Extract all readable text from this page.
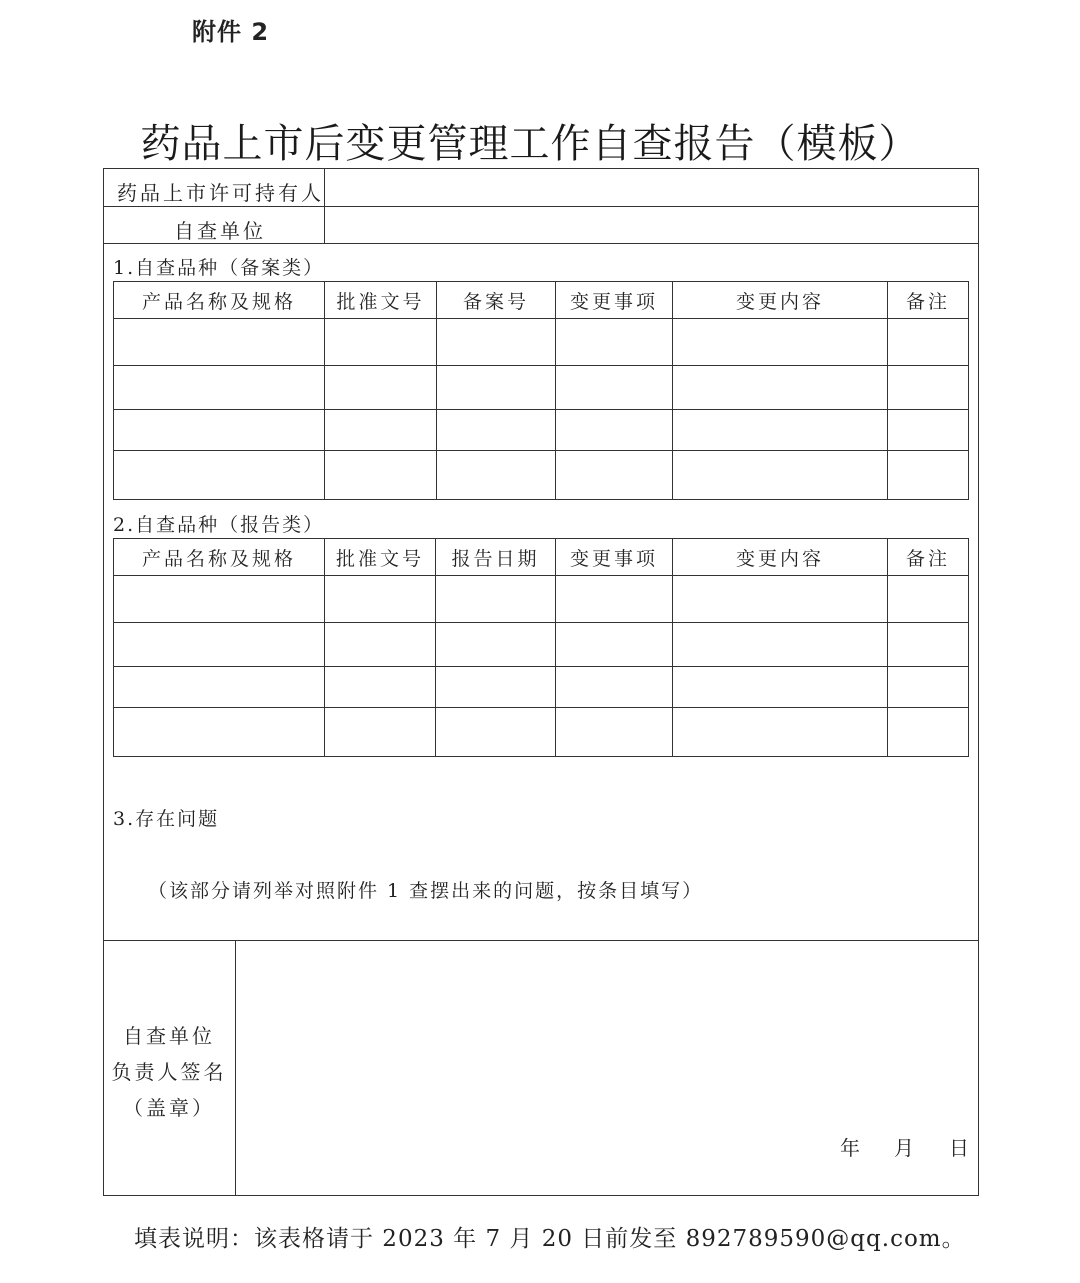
附件 2
药品上市后变更管理工作自查报告（模板）
药品上市许可持有人
自查单位
1.自查品种（备案类）
产品名称及规格	批准文号	备案号	变更事项	变更内容	备注

2.自查品种（报告类）
产品名称及规格	批准文号	报告日期	变更事项	变更内容	备注

3.存在问题
（该部分请列举对照附件 1 查摆出来的问题，按条目填写）
自查单位
负责人签名
（盖章）
年 月 日
填表说明：该表格请于 2023 年 7 月 20 日前发至 892789590@qq.com。
